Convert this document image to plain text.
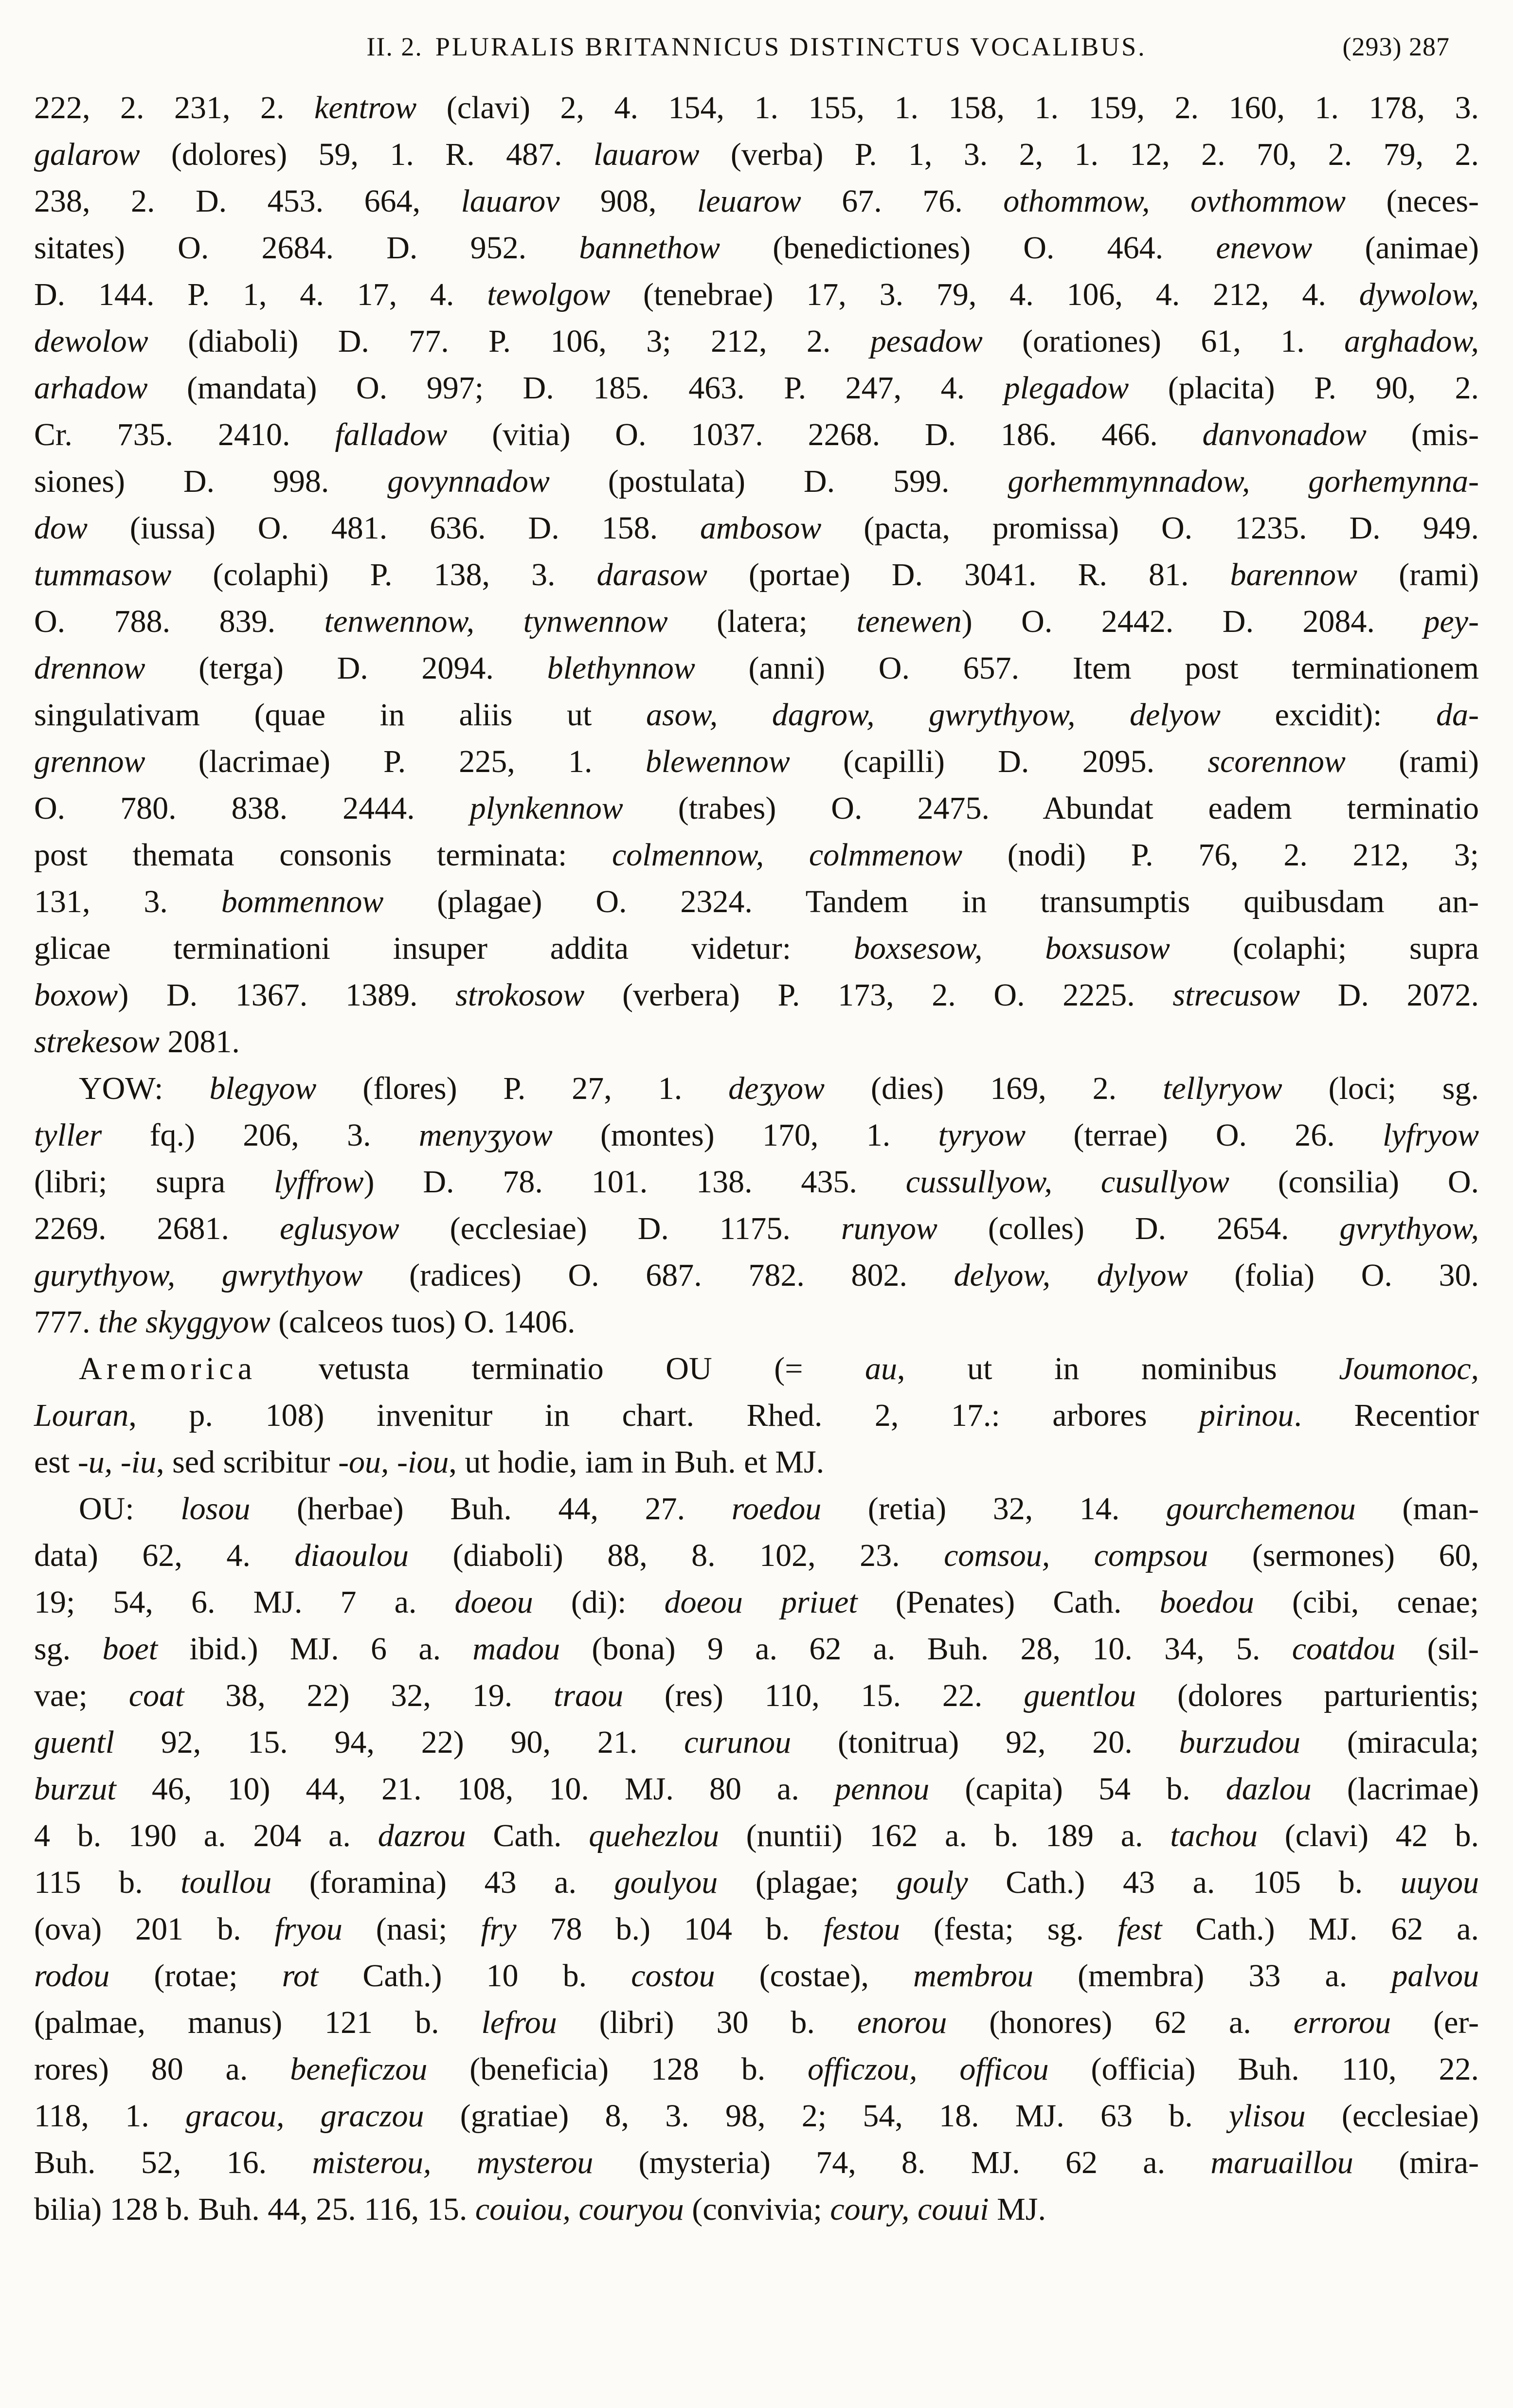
II. 2. PLURALIS BRITANNICUS DISTINCTUS VOCALIBUS.	(293) 287
222, 2. 231, 2. kentrow (clavi) 2, 4. 154, 1. 155, 1. 158, 1. 159, 2. 160, 1. 178, 3.
galarow (dolores) 59, 1. R. 487. lauarow (verba) P. 1, 3. 2, 1. 12, 2. 70, 2. 79, 2.
238, 2. D. 453. 664, lauarov 908, leuarow 67. 76. othommow, ovthommow (neces-
sitates) O. 2684. D. 952. bannethow (benedictiones) O. 464. enevow (animae)
D. 144. P. 1, 4. 17, 4. tewolgow (tenebrae) 17, 3. 79, 4. 106, 4. 212, 4. dywolow,
dewolow (diaboli) D. 77. P. 106, 3; 212, 2. pesadow (orationes) 61, 1. arghadow,
arhadow (mandata) O. 997; D. 185. 463. P. 247, 4. plegadow (placita) P. 90, 2.
Cr. 735. 2410. falladow (vitia) O. 1037. 2268. D. 186. 466. danvonadow (mis-
siones) D. 998. govynnadow (postulata) D. 599. gorhemmynnadow, gorhemynna-
dow (iussa) O. 481. 636. D. 158. ambosow (pacta, promissa) O. 1235. D. 949.
tummasow (colaphi) P. 138, 3. darasow (portae) D. 3041. R. 81. barennow (rami)
O. 788. 839. tenwennow, tynwennow (latera; tenewen) O. 2442. D. 2084. pey-
drennow (terga) D. 2094. blethynnow (anni) O. 657. Item post terminationem
singulativam (quae in aliis ut asow, dagrow, gwrythyow, delyow excidit): da-
grennow (lacrimae) P. 225, 1. blewennow (capilli) D. 2095. scorennow (rami)
O. 780. 838. 2444. plynkennow (trabes) O. 2475. Abundat eadem terminatio
post themata consonis terminata: colmennow, colmmenow (nodi) P. 76, 2. 212, 3;
131, 3. bommennow (plagae) O. 2324. Tandem in transumptis quibusdam an-
glicae terminationi insuper addita videtur: boxsesow, boxsusow (colaphi; supra
boxow) D. 1367. 1389. strokosow (verbera) P. 173, 2. O. 2225. strecusow D. 2072.
strekesow 2081.
YOW: blegyow (flores) P. 27, 1. deʒyow (dies) 169, 2. tellyryow (loci; sg.
tyller fq.) 206, 3. menyʒyow (montes) 170, 1. tyryow (terrae) O. 26. lyfryow
(libri; supra lyffrow) D. 78. 101. 138. 435. cussullyow, cusullyow (consilia) O.
2269. 2681. eglusyow (ecclesiae) D. 1175. runyow (colles) D. 2654. gvrythyow,
gurythyow, gwrythyow (radices) O. 687. 782. 802. delyow, dylyow (folia) O. 30.
777. the skyggyow (calceos tuos) O. 1406.
Aremorica vetusta terminatio OU (= au, ut in nominibus Joumonoc,
Louran, p. 108) invenitur in chart. Rhed. 2, 17.: arbores pirinou. Recentior
est -u, -iu, sed scribitur -ou, -iou, ut hodie, iam in Buh. et MJ.
OU: losou (herbae) Buh. 44, 27. roedou (retia) 32, 14. gourchemenou (man-
data) 62, 4. diaoulou (diaboli) 88, 8. 102, 23. comsou, compsou (sermones) 60,
19; 54, 6. MJ. 7 a. doeou (di): doeou priuet (Penates) Cath. boedou (cibi, cenae;
sg. boet ibid.) MJ. 6 a. madou (bona) 9 a. 62 a. Buh. 28, 10. 34, 5. coatdou (sil-
vae; coat 38, 22) 32, 19. traou (res) 110, 15. 22. guentlou (dolores parturientis;
guentl 92, 15. 94, 22) 90, 21. curunou (tonitrua) 92, 20. burzudou (miracula;
burzut 46, 10) 44, 21. 108, 10. MJ. 80 a. pennou (capita) 54 b. dazlou (lacrimae)
4 b. 190 a. 204 a. dazrou Cath. quehezlou (nuntii) 162 a. b. 189 a. tachou (clavi) 42 b.
115 b. toullou (foramina) 43 a. goulyou (plagae; gouly Cath.) 43 a. 105 b. uuyou
(ova) 201 b. fryou (nasi; fry 78 b.) 104 b. festou (festa; sg. fest Cath.) MJ. 62 a.
rodou (rotae; rot Cath.) 10 b. costou (costae), membrou (membra) 33 a. palvou
(palmae, manus) 121 b. lefrou (libri) 30 b. enorou (honores) 62 a. errorou (er-
rores) 80 a. beneficzou (beneficia) 128 b. officzou, officou (officia) Buh. 110, 22.
118, 1. gracou, graczou (gratiae) 8, 3. 98, 2; 54, 18. MJ. 63 b. ylisou (ecclesiae)
Buh. 52, 16. misterou, mysterou (mysteria) 74, 8. MJ. 62 a. maruaillou (mira-
bilia) 128 b. Buh. 44, 25. 116, 15. couiou, couryou (convivia; coury, couui MJ.
